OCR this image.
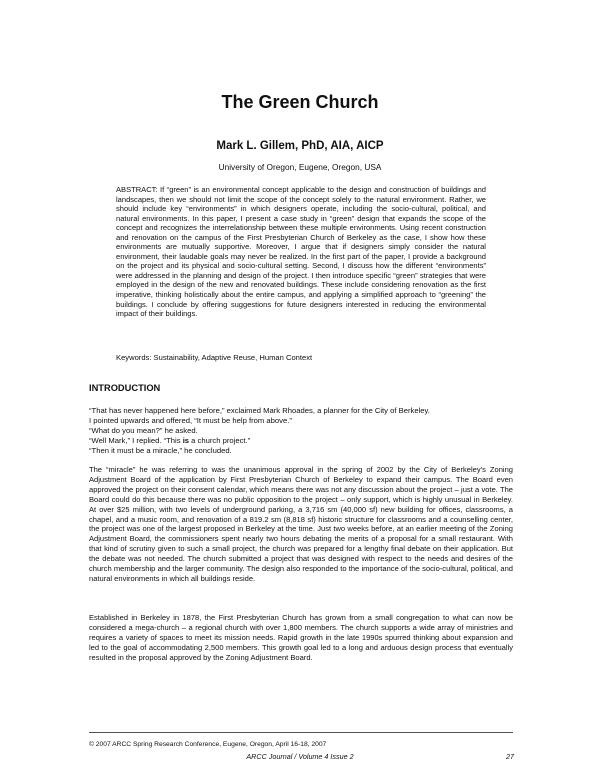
The Green Church
Mark L. Gillem, PhD, AIA, AICP
University of Oregon, Eugene, Oregon, USA

ABSTRACT: If “green” is an environmental concept applicable to the design and construction of buildings and landscapes, then we should not limit the scope of the concept solely to the natural environment. Rather, we should include key “environments” in which designers operate, including the socio-cultural, political, and natural environments. In this paper, I present a case study in “green” design that expands the scope of the concept and recognizes the interrelationship between these multiple environments. Using recent construction and renovation on the campus of the First Presbyterian Church of Berkeley as the case, I show how these environments are mutually supportive. Moreover, I argue that if designers simply consider the natural environment, their laudable goals may never be realized. In the first part of the paper, I provide a background on the project and its physical and socio-cultural setting. Second, I discuss how the different “environments” were addressed in the planning and design of the project. I then introduce specific “green” strategies that were employed in the design of the new and renovated buildings. These include considering renovation as the first imperative, thinking holistically about the entire campus, and applying a simplified approach to “greening” the buildings. I conclude by offering suggestions for future designers interested in reducing the environmental impact of their buildings.

Keywords: Sustainability, Adaptive Reuse, Human Context

INTRODUCTION
“That has never happened here before,” exclaimed Mark Rhoades, a planner for the City of Berkeley.
I pointed upwards and offered, “It must be help from above.”
“What do you mean?” he asked.
“Well Mark,” I replied. “This is a church project.”
“Then it must be a miracle,” he concluded.

The “miracle” he was referring to was the unanimous approval in the spring of 2002 by the City of Berkeley’s Zoning Adjustment Board of the application by First Presbyterian Church of Berkeley to expand their campus. The Board even approved the project on their consent calendar, which means there was not any discussion about the project – just a vote. The Board could do this because there was no public opposition to the project – only support, which is highly unusual in Berkeley. At over $25 million, with two levels of underground parking, a 3,716 sm (40,000 sf) new building for offices, classrooms, a chapel, and a music room, and renovation of a 819.2 sm (8,818 sf) historic structure for classrooms and a counselling center, the project was one of the largest proposed in Berkeley at the time. Just two weeks before, at an earlier meeting of the Zoning Adjustment Board, the commissioners spent nearly two hours debating the merits of a proposal for a small restaurant. With that kind of scrutiny given to such a small project, the church was prepared for a lengthy final debate on their application. But the debate was not needed. The church submitted a project that was designed with respect to the needs and desires of the church membership and the larger community. The design also responded to the importance of the socio-cultural, political, and natural environments in which all buildings reside.

Established in Berkeley in 1878, the First Presbyterian Church has grown from a small congregation to what can now be considered a mega-church – a regional church with over 1,800 members. The church supports a wide array of ministries and requires a variety of spaces to meet its mission needs. Rapid growth in the late 1990s spurred thinking about expansion and led to the goal of accommodating 2,500 members. This growth goal led to a long and arduous design process that eventually resulted in the proposal approved by the Zoning Adjustment Board.

© 2007 ARCC Spring Research Conference, Eugene, Oregon, April 16-18, 2007
ARCC Journal / Volume 4 Issue 2	27
